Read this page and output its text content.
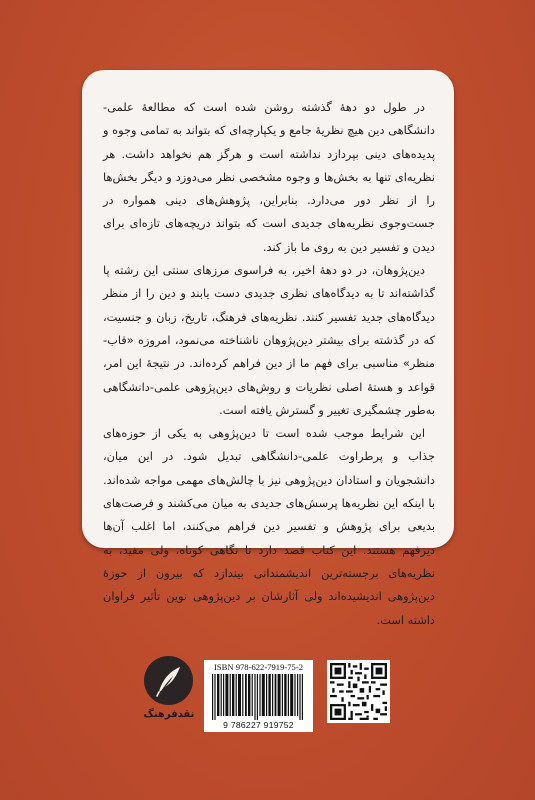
در طول دو دههٔ گذشته روشن شده است که مطالعهٔ علمی-دانشگاهی دین هیچ نظریهٔ جامع و یکپارچه‌ای که بتواند به تمامی وجوه و پدیده‌های دینی بپردازد نداشته است و هرگز هم نخواهد داشت. هر نظریه‌ای تنها به بخش‌ها و وجوه مشخصی نظر می‌دوزد و دیگر بخش‌ها را از نظر دور می‌دارد. بنابراین، پژوهش‌های دینی همواره در جست‌وجوی نظریه‌های جدیدی است که بتواند دریچه‌های تازه‌ای برای دیدن و تفسیر دین به روی ما باز کند.

دین‌پژوهان، در دو دههٔ اخیر، به فراسوی مرزهای سنتی این رشته پا گذاشته‌اند تا به دیدگاه‌های نظری جدیدی دست یابند و دین را از منظر دیدگاه‌های جدید تفسیر کنند. نظریه‌های فرهنگ، تاریخ، زبان و جنسیت، که در گذشته برای بیشتر دین‌پژوهان ناشناخته می‌نمود، امروزه «قاب-منظر» مناسبی برای فهم ما از دین فراهم کرده‌اند. در نتیجهٔ این امر، قواعد و هستهٔ اصلی نظریات و روش‌های دین‌پژوهی علمی-دانشگاهی به‌طور چشمگیری تغییر و گسترش یافته است.

این شرایط موجب شده است تا دین‌پژوهی به یکی از حوزه‌های جذاب و پرطراوت علمی-دانشگاهی تبدیل شود. در این میان، دانشجویان و استادان دین‌پژوهی نیز با چالش‌های مهمی مواجه شده‌اند. با اینکه این نظریه‌ها پرسش‌های جدیدی به میان می‌کشند و فرصت‌های بدیعی برای پژوهش و تفسیر دین فراهم می‌کنند، اما اغلب آن‌ها دیرفهم هستند. این کتاب قصد دارد تا نگاهی کوتاه، ولی مفید، به نظریه‌های برجسته‌ترین اندیشمندانی بیندازد که بیرون از حوزهٔ دین‌پژوهی اندیشیده‌اند ولی آثارشان بر دین‌پژوهی نوین تأثیر فراوان داشته است.

نقدفرهنگ
ISBN 978-622-7919-75-2
9 786227 919752
